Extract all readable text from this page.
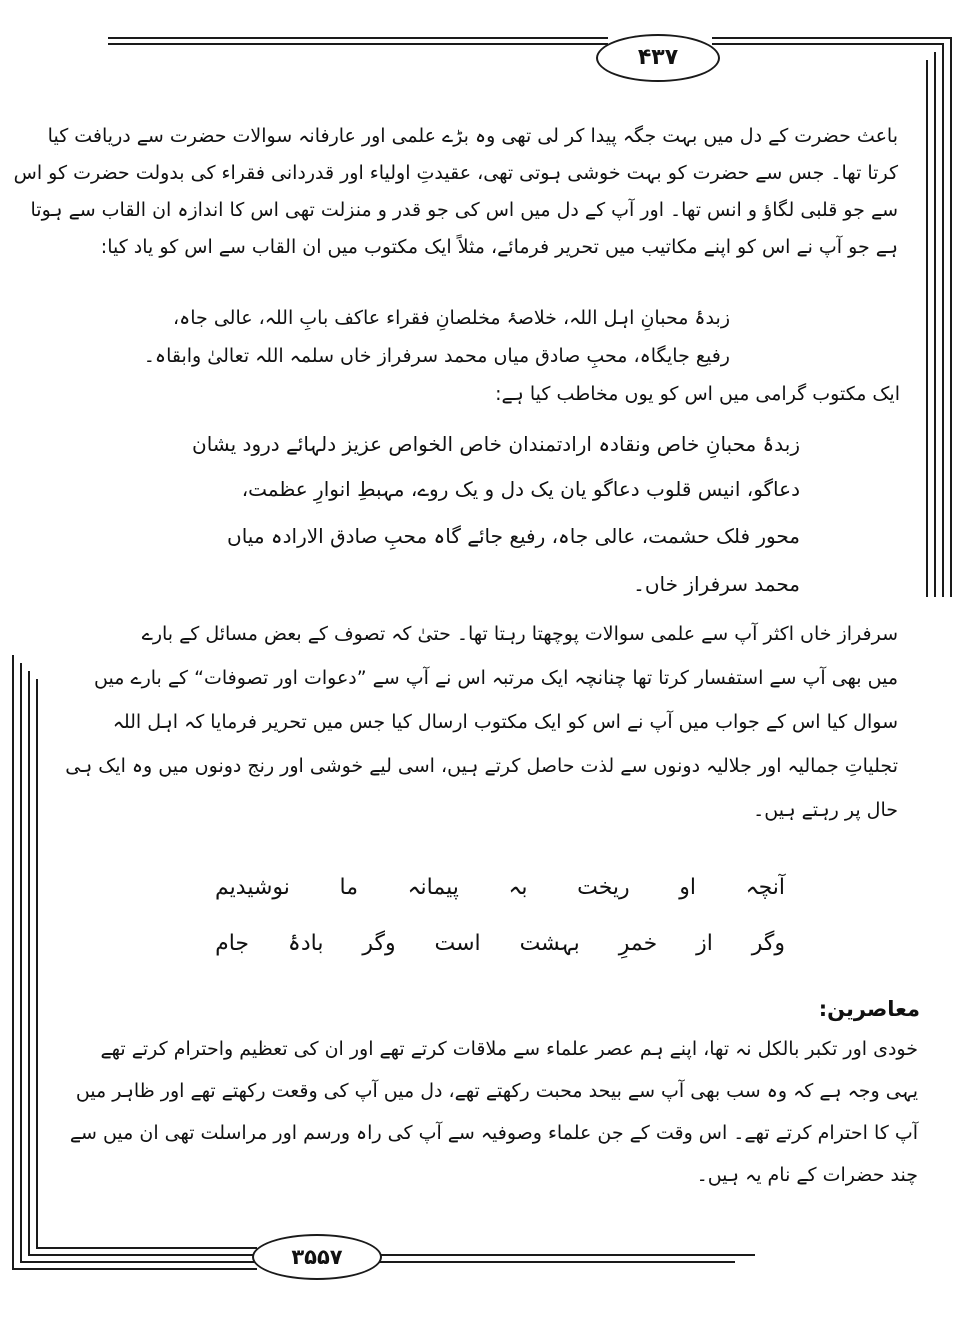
۴۳۷
باعث حضرت کے دل میں بہت جگہ پیدا کر لی تھی وہ بڑے علمی اور عارفانہ سوالات حضرت سے دریافت کیا
کرتا تھا۔ جس سے حضرت کو بہت خوشی ہوتی تھی، عقیدتِ اولیاء اور قدردانی فقراء کی بدولت حضرت کو اس
سے جو قلبی لگاؤ و انس تھا۔ اور آپ کے دل میں اس کی جو قدر و منزلت تھی اس کا اندازہ ان القاب سے ہوتا
ہے جو آپ نے اس کو اپنے مکاتیب میں تحریر فرمائے، مثلاً ایک مکتوب میں ان القاب سے اس کو یاد کیا:
زبدۂ محبانِ اہل اللہ، خلاصۂ مخلصانِ فقراء عاکف بابِ اللہ، عالی جاہ،
رفیع جایگاہ، محبِ صادق میاں محمد سرفراز خاں سلمہ اللہ تعالیٰ وابقاہ۔
ایک مکتوب گرامی میں اس کو یوں مخاطب کیا ہے:
زبدۂ محبانِ خاص ونقادہ ارادتمندان خاص الخواص عزیز دلہائے درود یشان
دعاگو، انیس قلوب دعاگو یان یک دل و یک روے، مہبطِ انوارِ عظمت،
محور فلک حشمت، عالی جاہ، رفیع جائے گاہ محبِ صادق الارادہ میاں
محمد سرفراز خاں۔
سرفراز خاں اکثر آپ سے علمی سوالات پوچھتا رہتا تھا۔ حتیٰ کہ تصوف کے بعض مسائل کے بارے
میں بھی آپ سے استفسار کرتا تھا چنانچہ ایک مرتبہ اس نے آپ سے ”دعوات اور تصوفات“ کے بارے میں
سوال کیا اس کے جواب میں آپ نے اس کو ایک مکتوب ارسال کیا جس میں تحریر فرمایا کہ اہل اللہ
تجلیاتِ جمالیہ اور جلالیہ دونوں سے لذت حاصل کرتے ہیں، اسی لیے خوشی اور رنج دونوں میں وہ ایک ہی
حال پر رہتے ہیں۔
آنچہ
او
ریخت
بہ
پیمانہ
ما
نوشیدیم
وگر
از
خمرِ
بہشت
است
وگر
بادۂ
جام
معاصرین:
خودی اور تکبر بالکل نہ تھا، اپنے ہم عصر علماء سے ملاقات کرتے تھے اور ان کی تعظیم واحترام کرتے تھے
یہی وجہ ہے کہ وہ سب بھی آپ سے بیحد محبت رکھتے تھے، دل میں آپ کی وقعت رکھتے تھے اور ظاہر میں
آپ کا احترام کرتے تھے۔ اس وقت کے جن علماء وصوفیہ سے آپ کی راہ ورسم اور مراسلت تھی ان میں سے
چند حضرات کے نام یہ ہیں۔
۳۵۵۷
